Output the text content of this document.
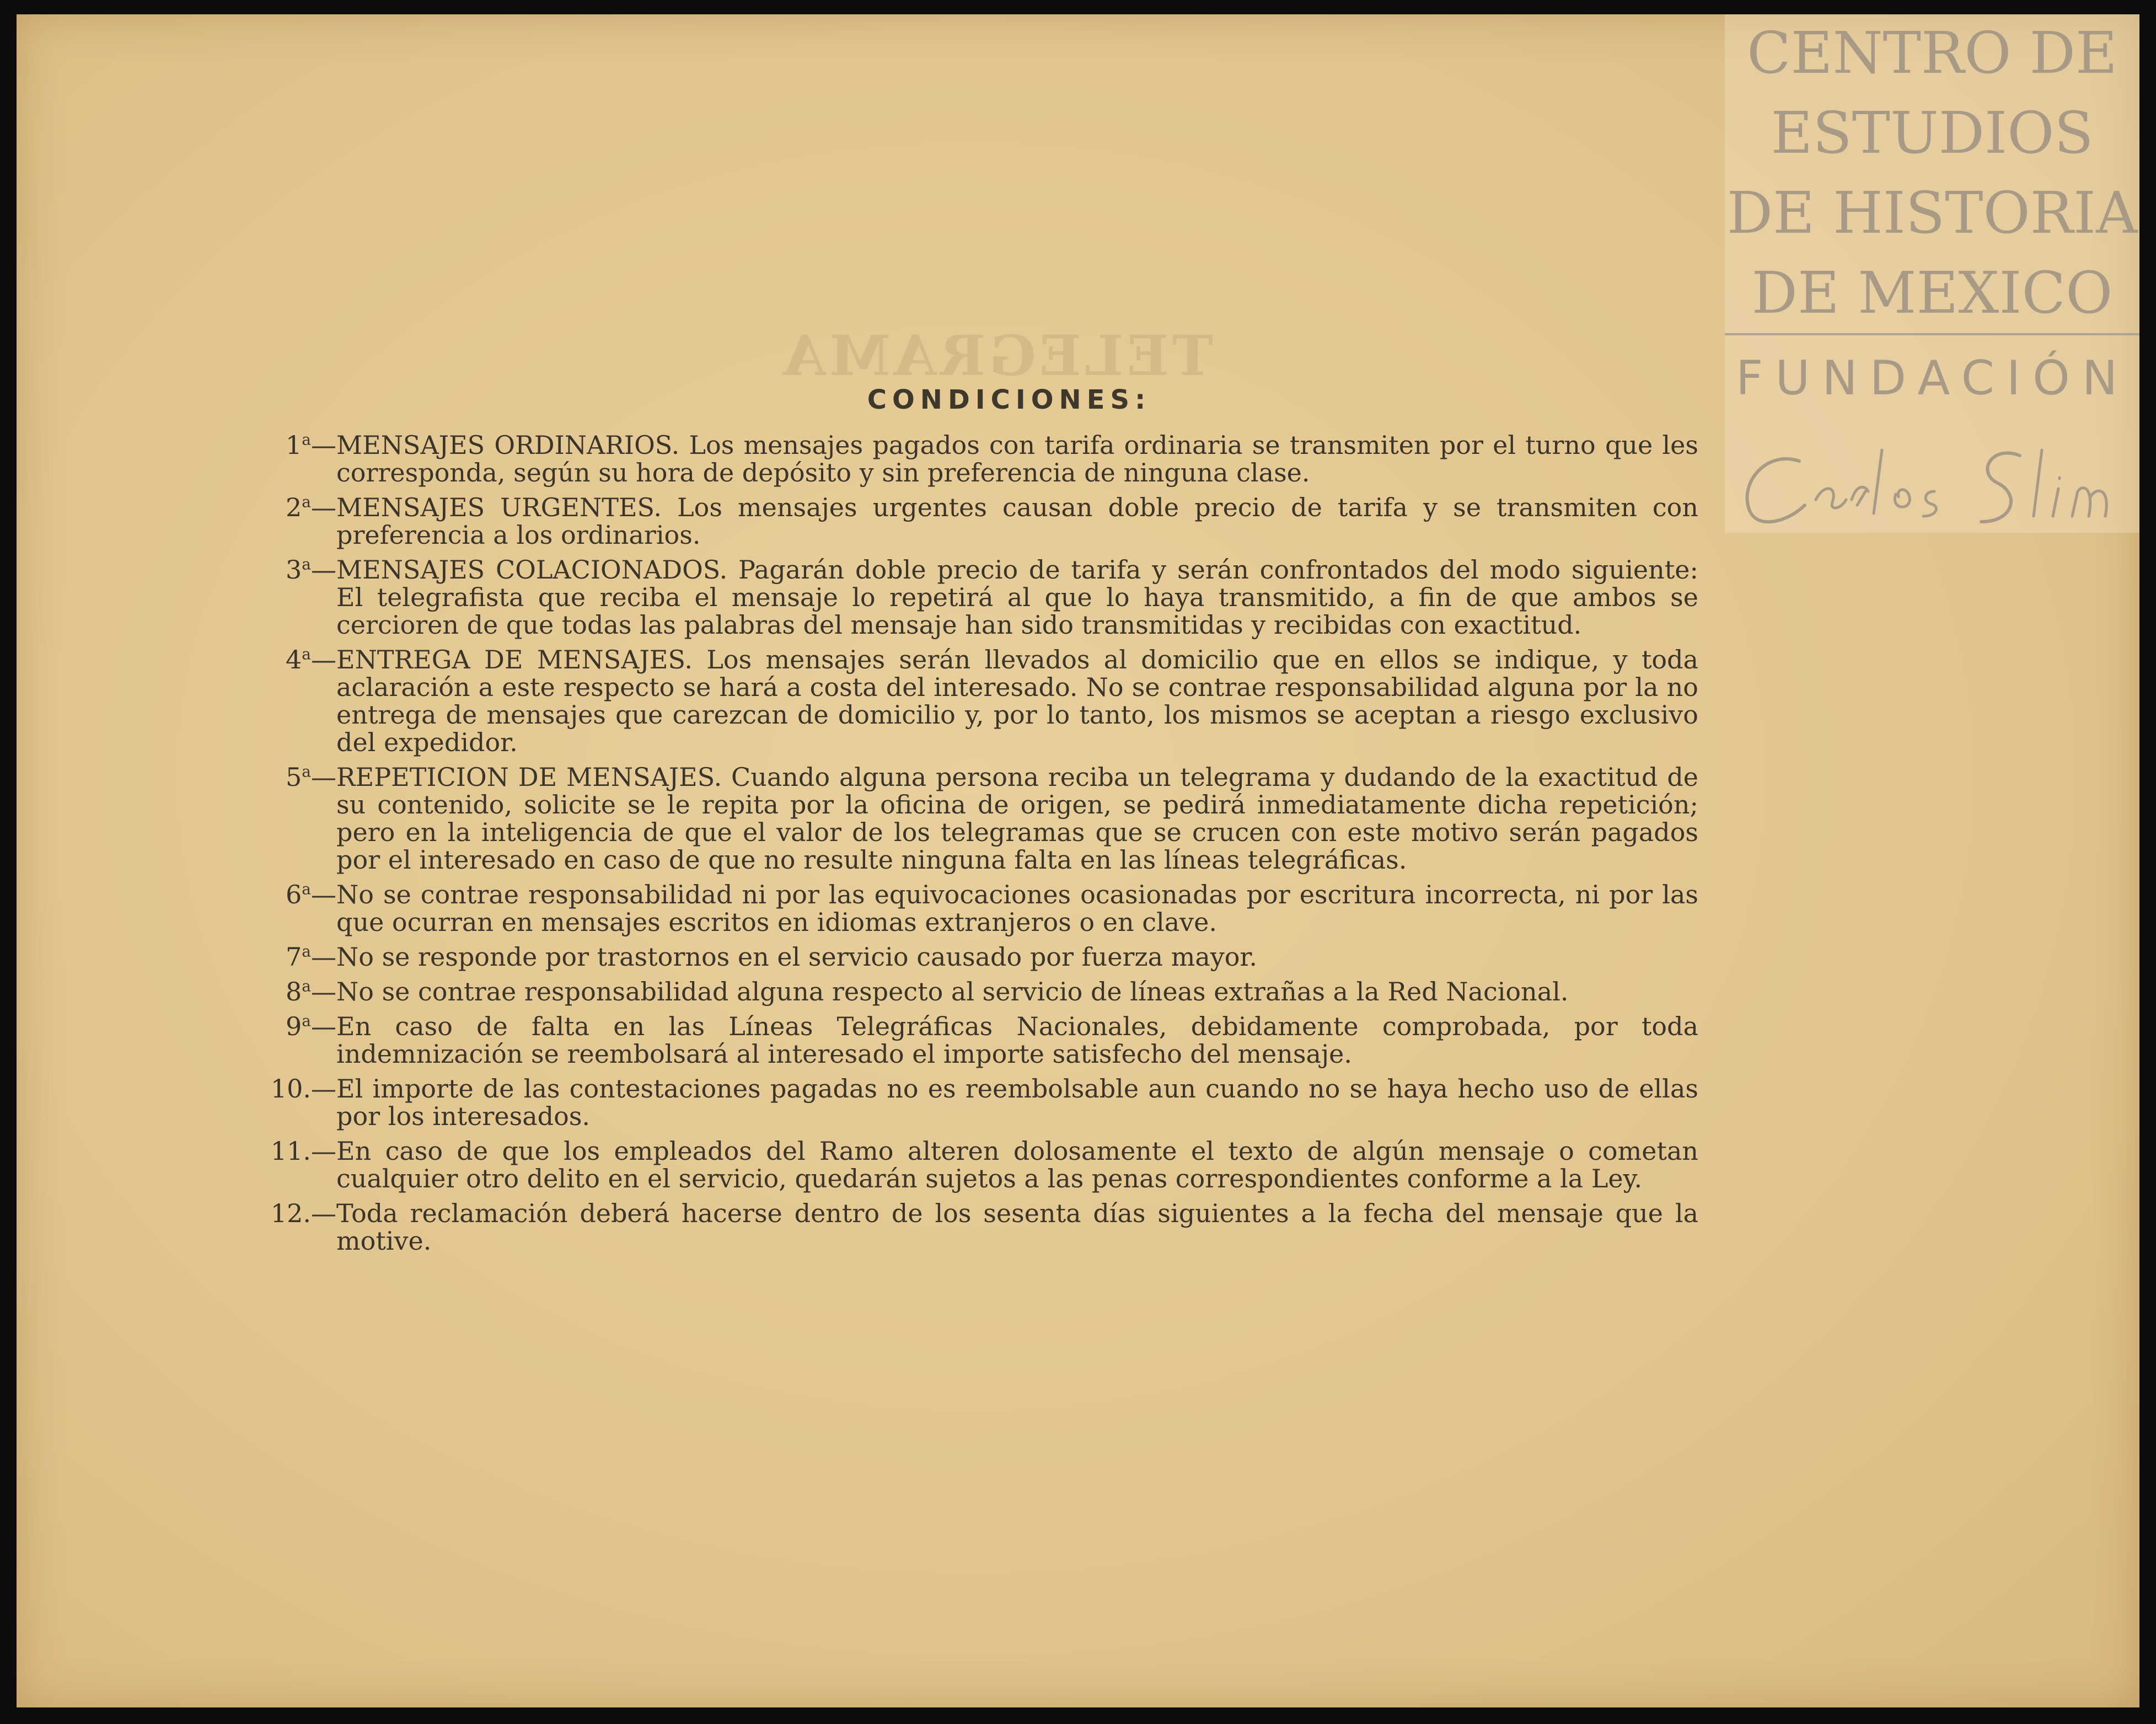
TELEGRAMA
CONDICIONES:
1$^a$— MENSAJES ORDINARIOS. Los mensajes pagados con tarifa ordinaria se transmiten por el turno que les corresponda, según su hora de depósito y sin preferencia de ninguna clase.
2$^a$— MENSAJES URGENTES. Los mensajes urgentes causan doble precio de tarifa y se transmiten con preferencia a los ordinarios.
3$^a$— MENSAJES COLACIONADOS. Pagarán doble precio de tarifa y serán confrontados del modo siguiente: El telegrafista que reciba el mensaje lo repetirá al que lo haya transmitido, a fin de que ambos se cercioren de que todas las palabras del mensaje han sido transmitidas y recibidas con exactitud.
4$^a$— ENTREGA DE MENSAJES. Los mensajes serán llevados al domicilio que en ellos se indique, y toda aclaración a este respecto se hará a costa del interesado. No se contrae responsabilidad alguna por la no entrega de mensajes que carezcan de domicilio y, por lo tanto, los mismos se aceptan a riesgo exclusivo del expedidor.
5$^a$— REPETICION DE MENSAJES. Cuando alguna persona reciba un telegrama y dudando de la exactitud de su contenido, solicite se le repita por la oficina de origen, se pedirá inmediatamente dicha repetición; pero en la inteligencia de que el valor de los telegramas que se crucen con este motivo serán pagados por el interesado en caso de que no resulte ninguna falta en las líneas telegráficas.
6$^a$— No se contrae responsabilidad ni por las equivocaciones ocasionadas por escritura incorrecta, ni por las que ocurran en mensajes escritos en idiomas extranjeros o en clave.
7$^a$— No se responde por trastornos en el servicio causado por fuerza mayor.
8$^a$— No se contrae responsabilidad alguna respecto al servicio de líneas extrañas a la Red Nacional.
9$^a$— En caso de falta en las Líneas Telegráficas Nacionales, debidamente comprobada, por toda indemnización se reembolsará al interesado el importe satisfecho del mensaje.
10.— El importe de las contestaciones pagadas no es reembolsable aun cuando no se haya hecho uso de ellas por los interesados.
11.— En caso de que los empleados del Ramo alteren dolosamente el texto de algún mensaje o cometan cualquier otro delito en el servicio, quedarán sujetos a las penas correspondientes conforme a la Ley.
12.— Toda reclamación deberá hacerse dentro de los sesenta días siguientes a la fecha del mensaje que la motive.
CENTRO DE
ESTUDIOS
DE HISTORIA
DE MEXICO
FUNDACIÓN
